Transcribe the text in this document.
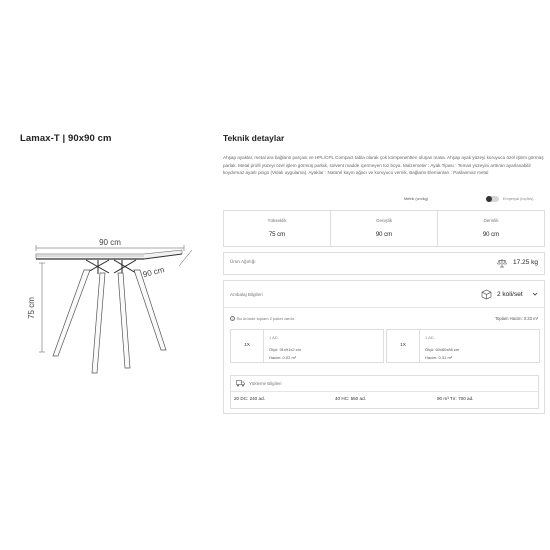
Lamax-T | 90x90 cm
90 cm
90 cm
75 cm
Teknik detaylar
Ahşap ayaklar, metal ara bağlantı parçası ve HPL/CPL Compact tabla olarak çok kompenentten oluşan masa. Ahşap ayak yüzeyi koruyucu özel işlem görmüş parlak. Metal profil yüzeyi özel işlem görmüş parlak, solvent madde içermeyen toz boya. Malzemeler : Ayak Tipası : Temas yüzeyini arttıran ayarlanabilir koydırmaz ayarlı pingo (Vidalı uygulama). Ayaklar : Natürel kayın ağacı ve koruyucu vernik. Bağlantı Elemanları : Paslanmaz metal
Metrik (cm/kg)	Emperyal (inç/lbs)
Yükseklik
75 cm
Genişlik
90 cm
Derinlik
90 cm
Ürün Ağırlığı	17.25 kg
Ambalaj Bilgileri	2 koli/set
i Bu üründe toplam 2 paket vardır.	Toplam Hacim: 0.33 m³
1X
1 AD.
Ölçü: 91x91x2 cm
Hacim: 0.02 m³
1X
1 AD.
Ölçü: 60x60x86 cm
Hacim: 0.31 m³
Yükleme Bilgileri
20 DC: 240 ad.	40 HC: 550 ad.	90 m³ Tır: 700 ad.
